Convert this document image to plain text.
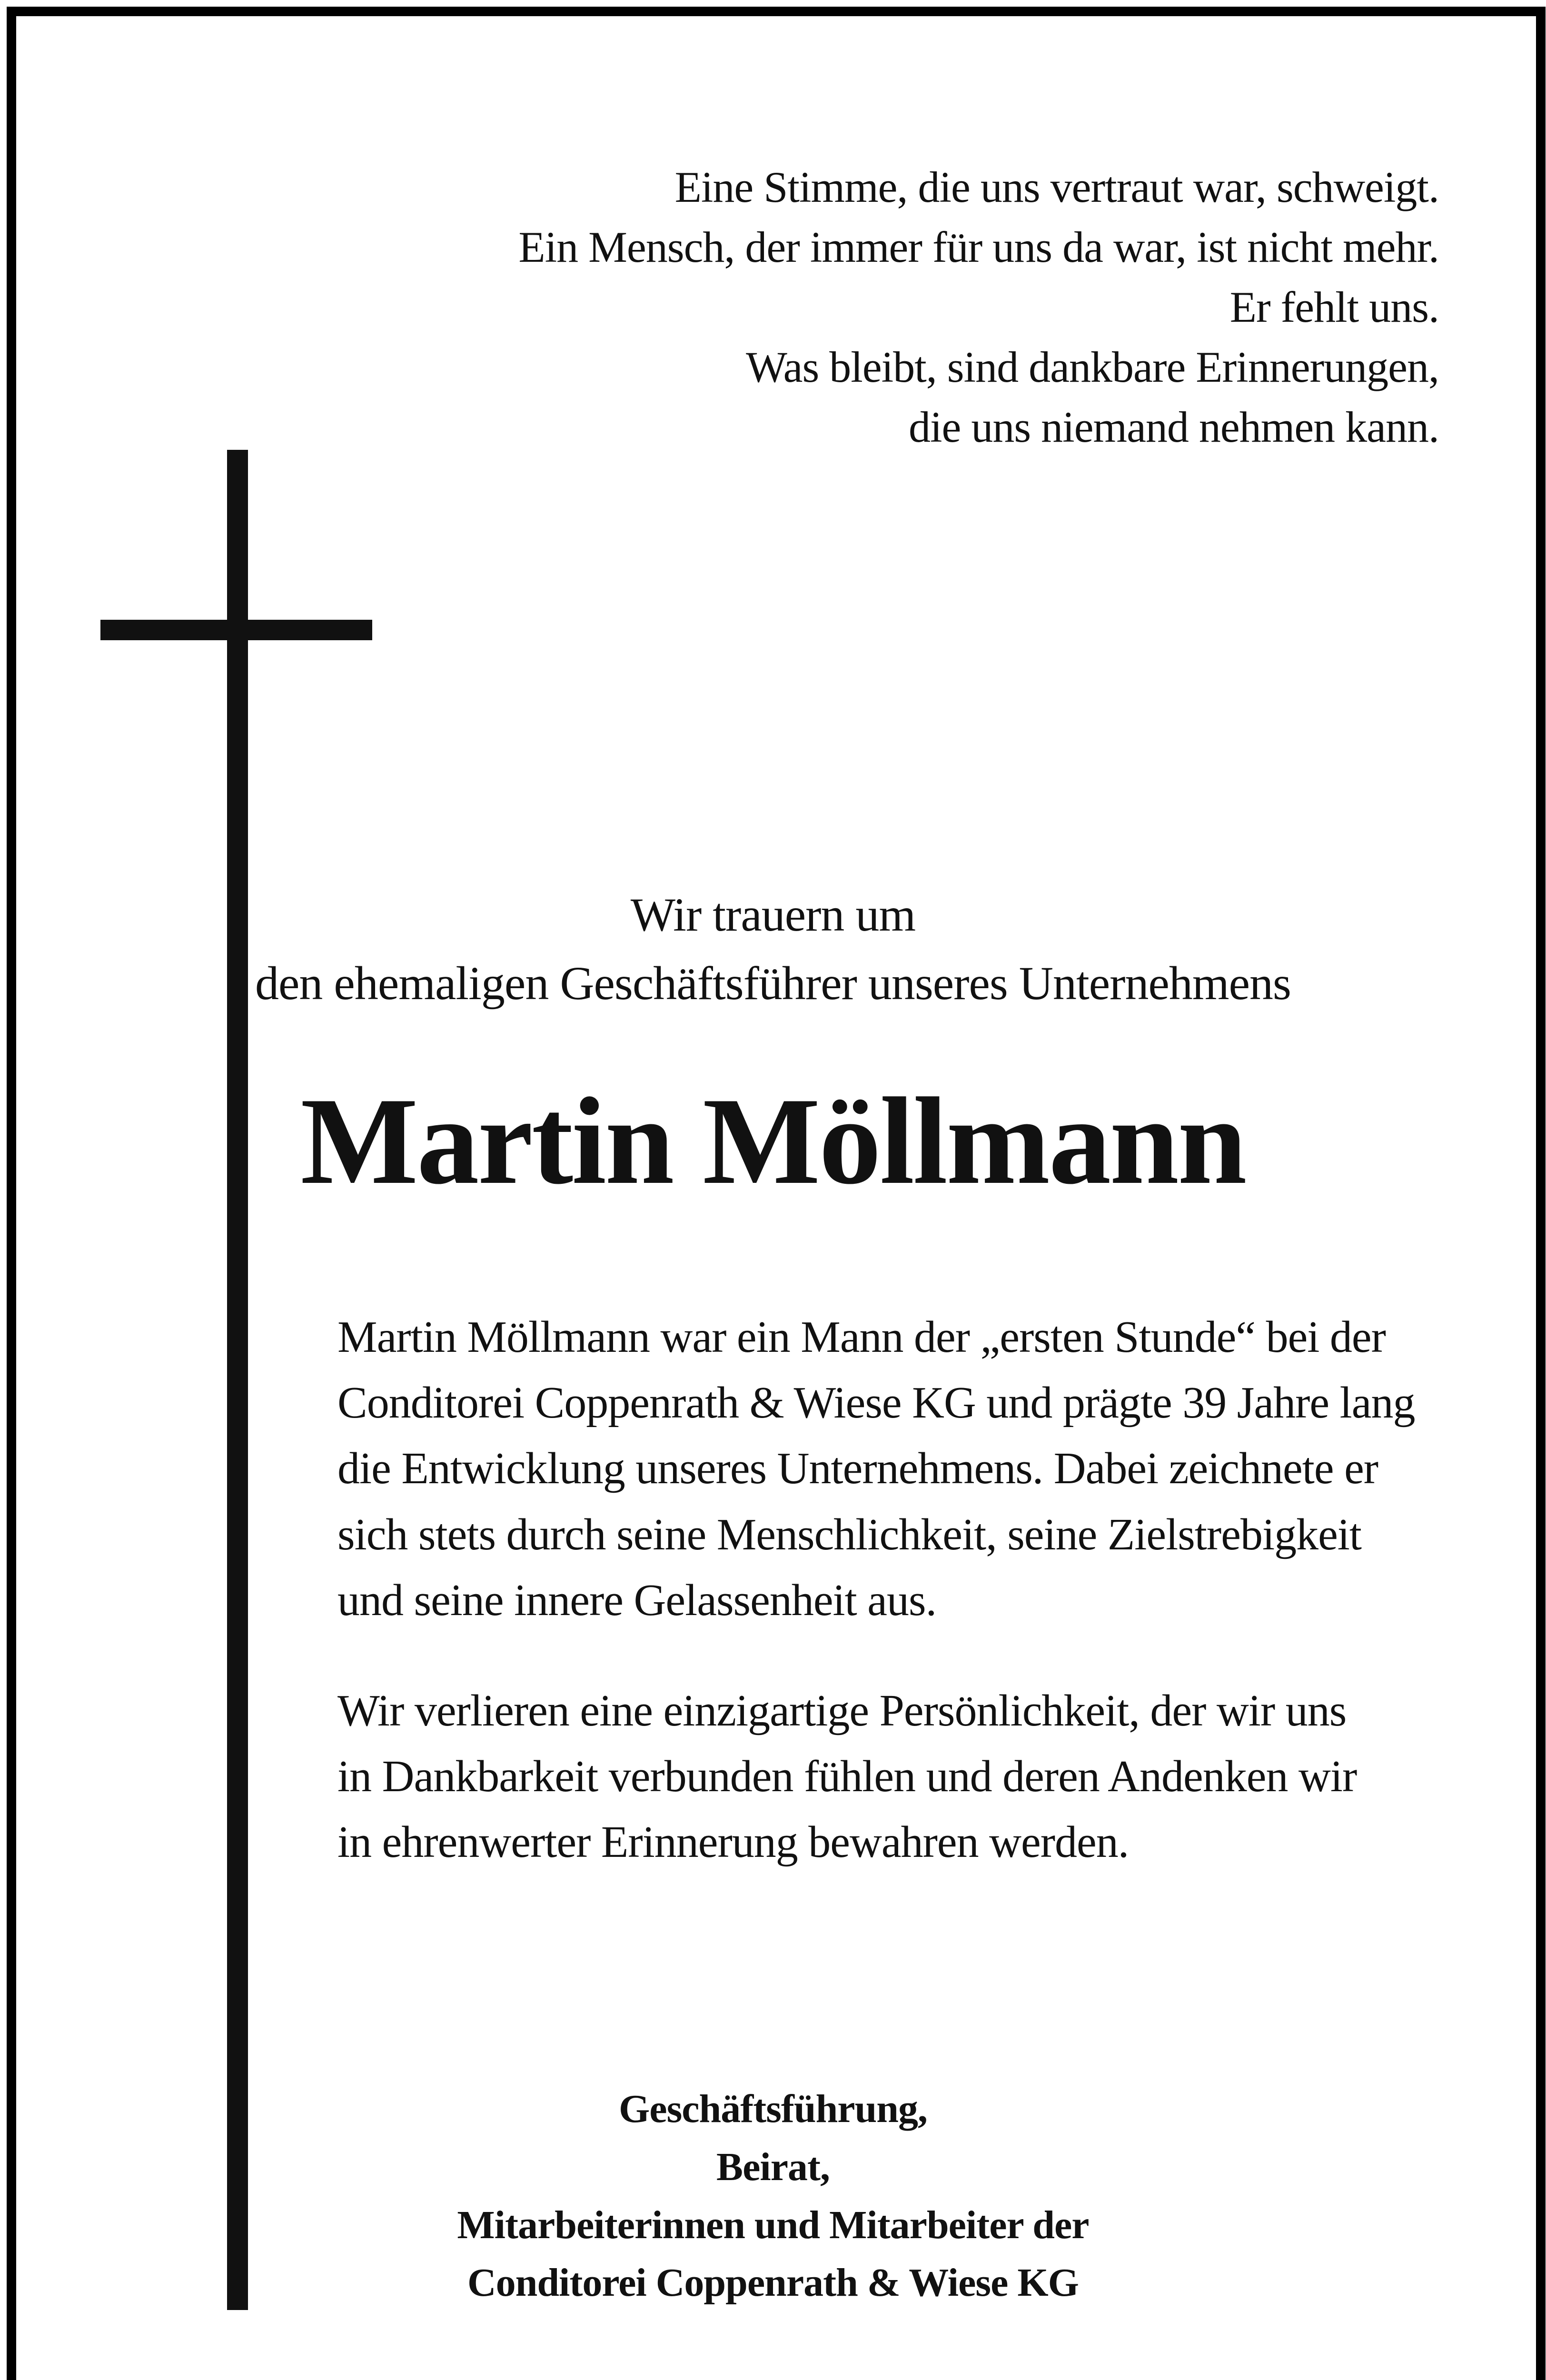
Eine Stimme, die uns vertraut war, schweigt.
Ein Mensch, der immer für uns da war, ist nicht mehr.
Er fehlt uns.
Was bleibt, sind dankbare Erinnerungen,
die uns niemand nehmen kann.
Wir trauern um
den ehemaligen Geschäftsführer unseres Unternehmens
Martin Möllmann
Martin Möllmann war ein Mann der „ersten Stunde“ bei der
Conditorei Coppenrath & Wiese KG und prägte 39 Jahre lang
die Entwicklung unseres Unternehmens. Dabei zeichnete er
sich stets durch seine Menschlichkeit, seine Zielstrebigkeit
und seine innere Gelassenheit aus.
Wir verlieren eine einzigartige Persönlichkeit, der wir uns
in Dankbarkeit verbunden fühlen und deren Andenken wir
in ehrenwerter Erinnerung bewahren werden.
Geschäftsführung,
Beirat,
Mitarbeiterinnen und Mitarbeiter der
Conditorei Coppenrath & Wiese KG
